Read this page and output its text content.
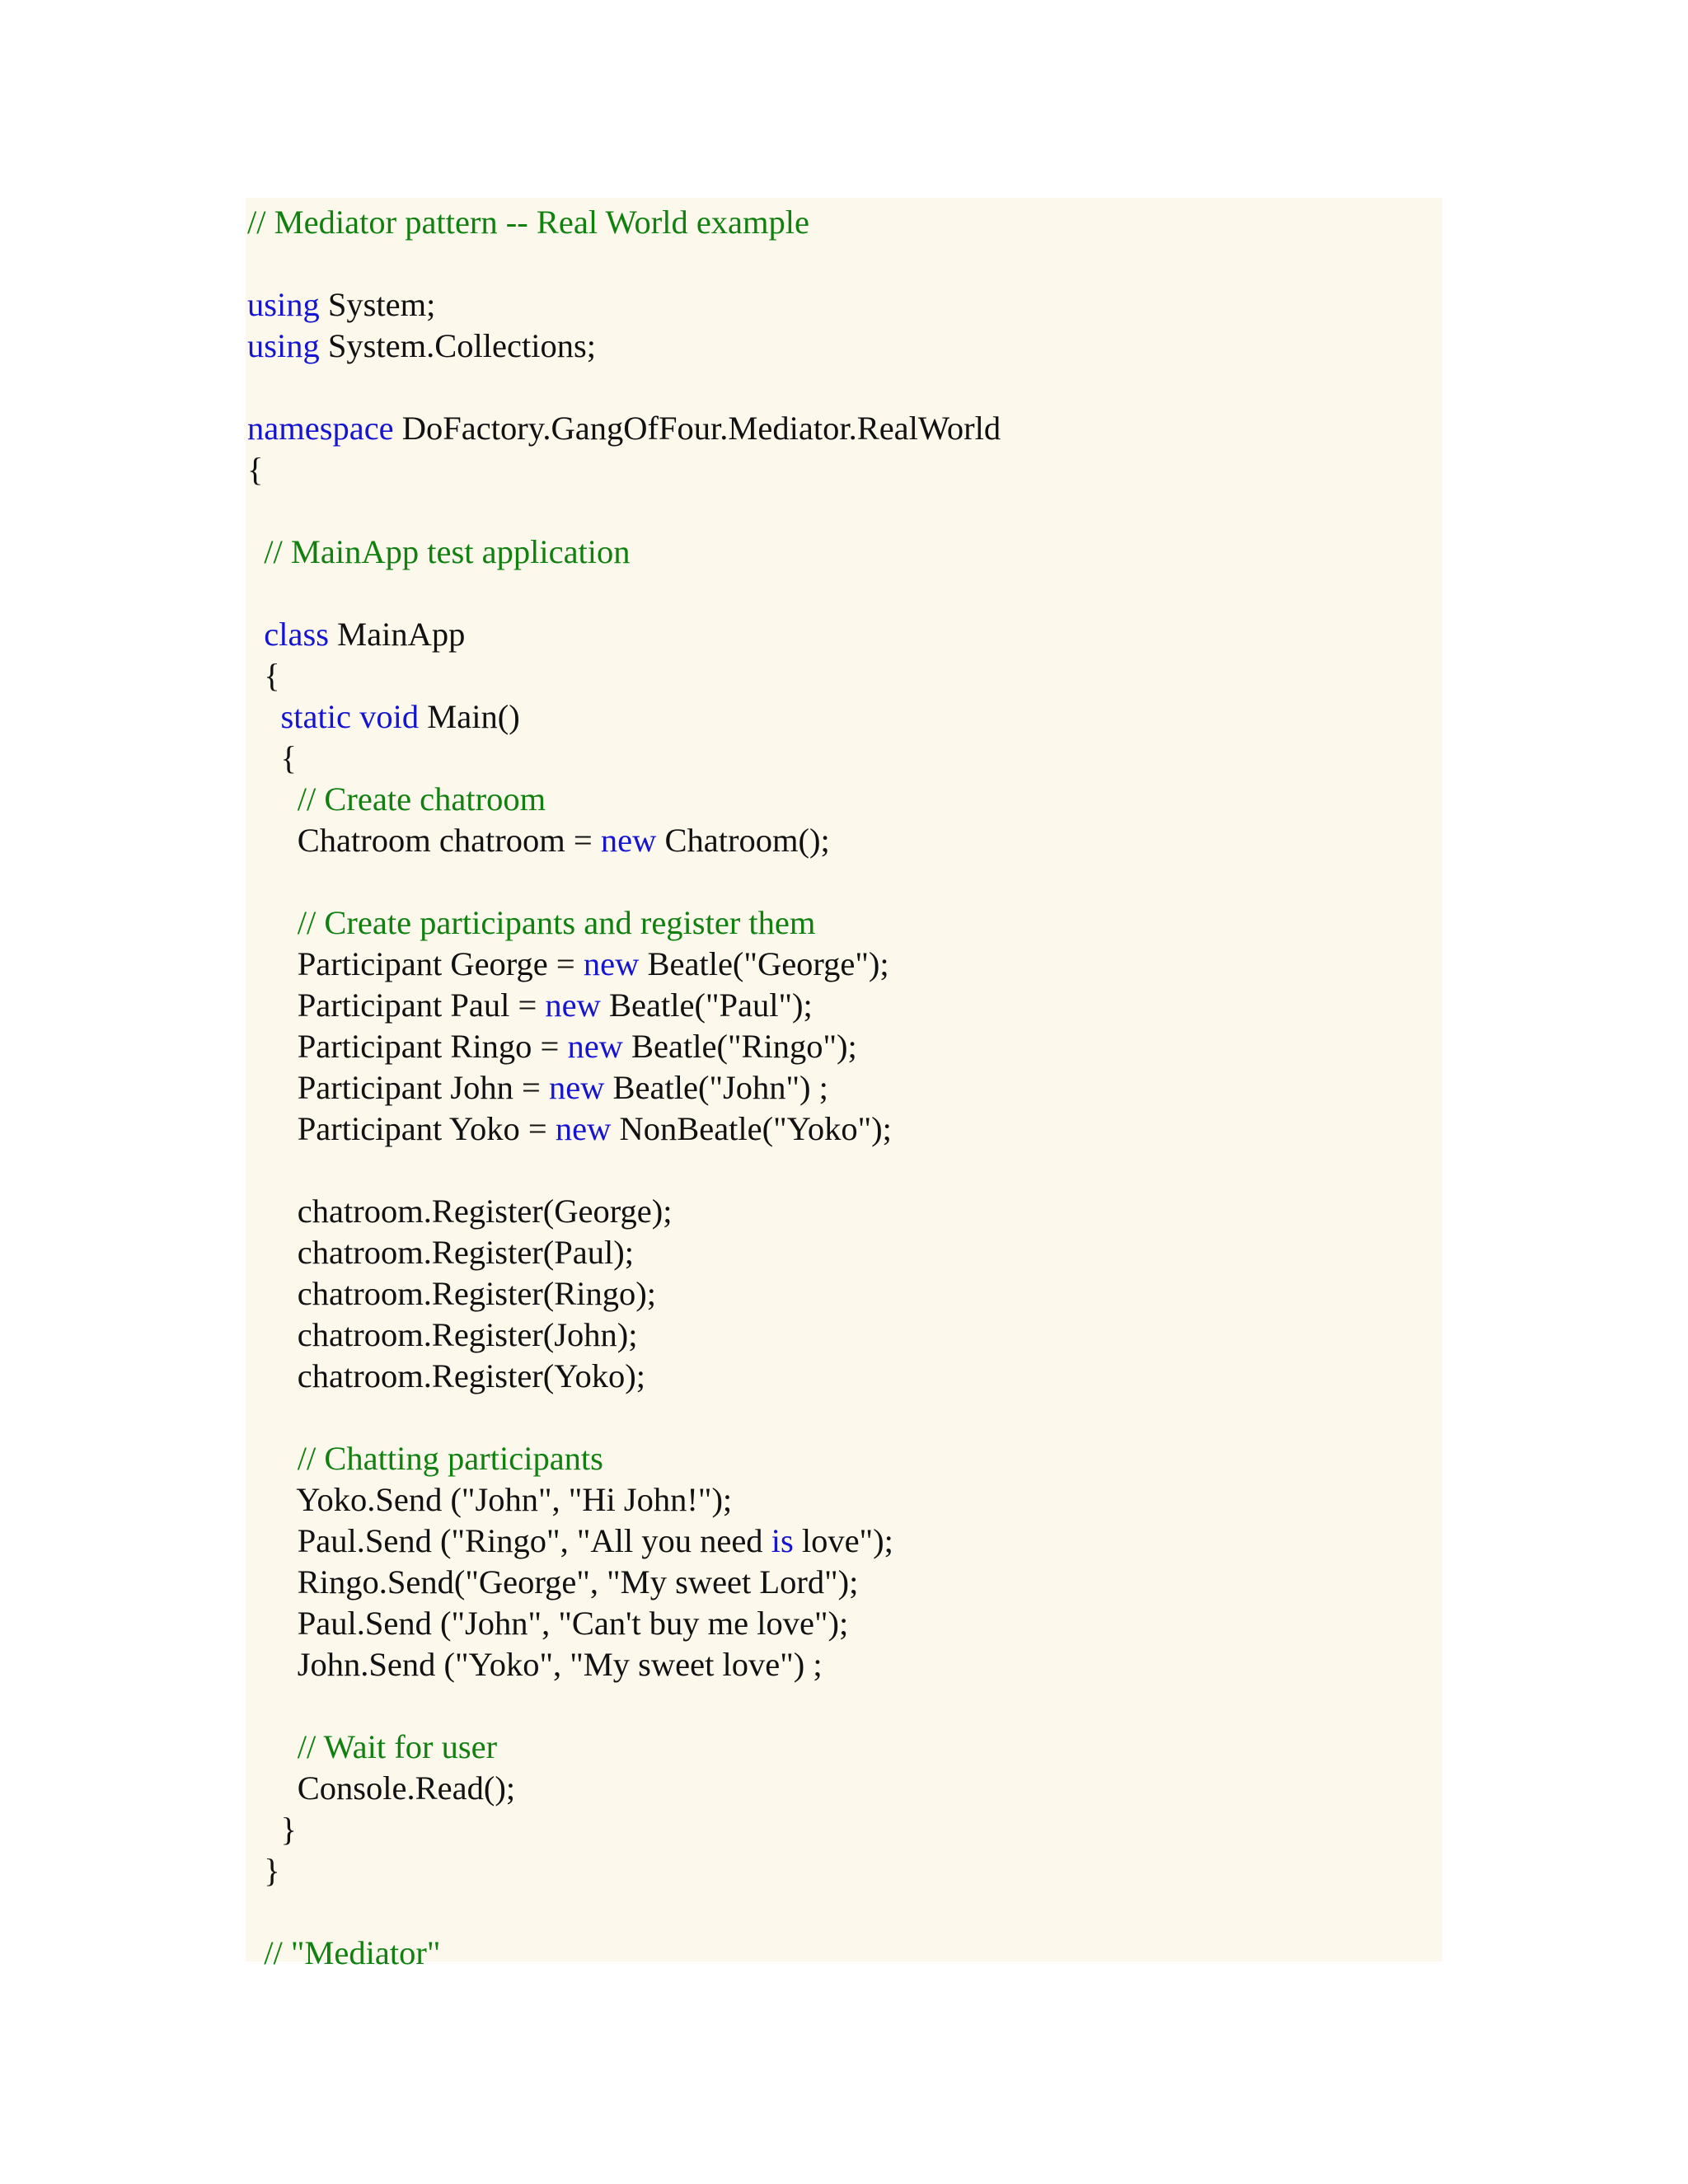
// Mediator pattern -- Real World example

using System;
using System.Collections;

namespace DoFactory.GangOfFour.Mediator.RealWorld
{

// MainApp test application

class MainApp
{
static void Main()
{
// Create chatroom
Chatroom chatroom = new Chatroom();

// Create participants and register them
Participant George = new Beatle("George");
Participant Paul = new Beatle("Paul");
Participant Ringo = new Beatle("Ringo");
Participant John = new Beatle("John") ;
Participant Yoko = new NonBeatle("Yoko");

chatroom.Register(George);
chatroom.Register(Paul);
chatroom.Register(Ringo);
chatroom.Register(John);
chatroom.Register(Yoko);

// Chatting participants
Yoko.Send ("John", "Hi John!");
Paul.Send ("Ringo", "All you need is love");
Ringo.Send("George", "My sweet Lord");
Paul.Send ("John", "Can't buy me love");
John.Send ("Yoko", "My sweet love") ;

// Wait for user
Console.Read();
}
}

// "Mediator"
